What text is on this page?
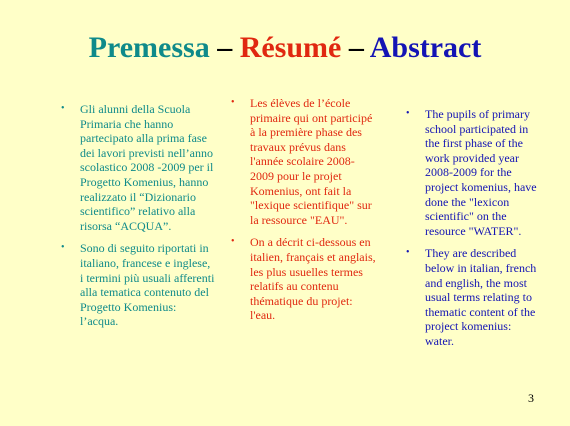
Premessa – Résumé – Abstract
• Gli alunni della Scuola Primaria che hanno partecipato alla prima fase dei lavori previsti nell’anno scolastico 2008 -2009 per il Progetto Komenius, hanno realizzato il “Dizionario scientifico” relativo alla risorsa “ACQUA”.
• Sono di seguito riportati in italiano, francese e inglese, i termini più usuali afferenti alla tematica contenuto del Progetto Komenius: l’acqua.
• Les élèves de l’école primaire qui ont participé à la première phase des travaux prévus dans l'année scolaire 2008-2009 pour le projet Komenius, ont fait la "lexique scientifique" sur la ressource "EAU".
• On a décrit ci-dessous en italien, français et anglais, les plus usuelles termes relatifs au contenu thématique du projet: l'eau.
• The pupils of primary school participated in the first phase of the work provided year 2008-2009 for the project komenius, have done the "lexicon scientific" on the resource "WATER".
• They are described below in italian, french and english, the most usual terms relating to thematic content of the project komenius: water.
3
